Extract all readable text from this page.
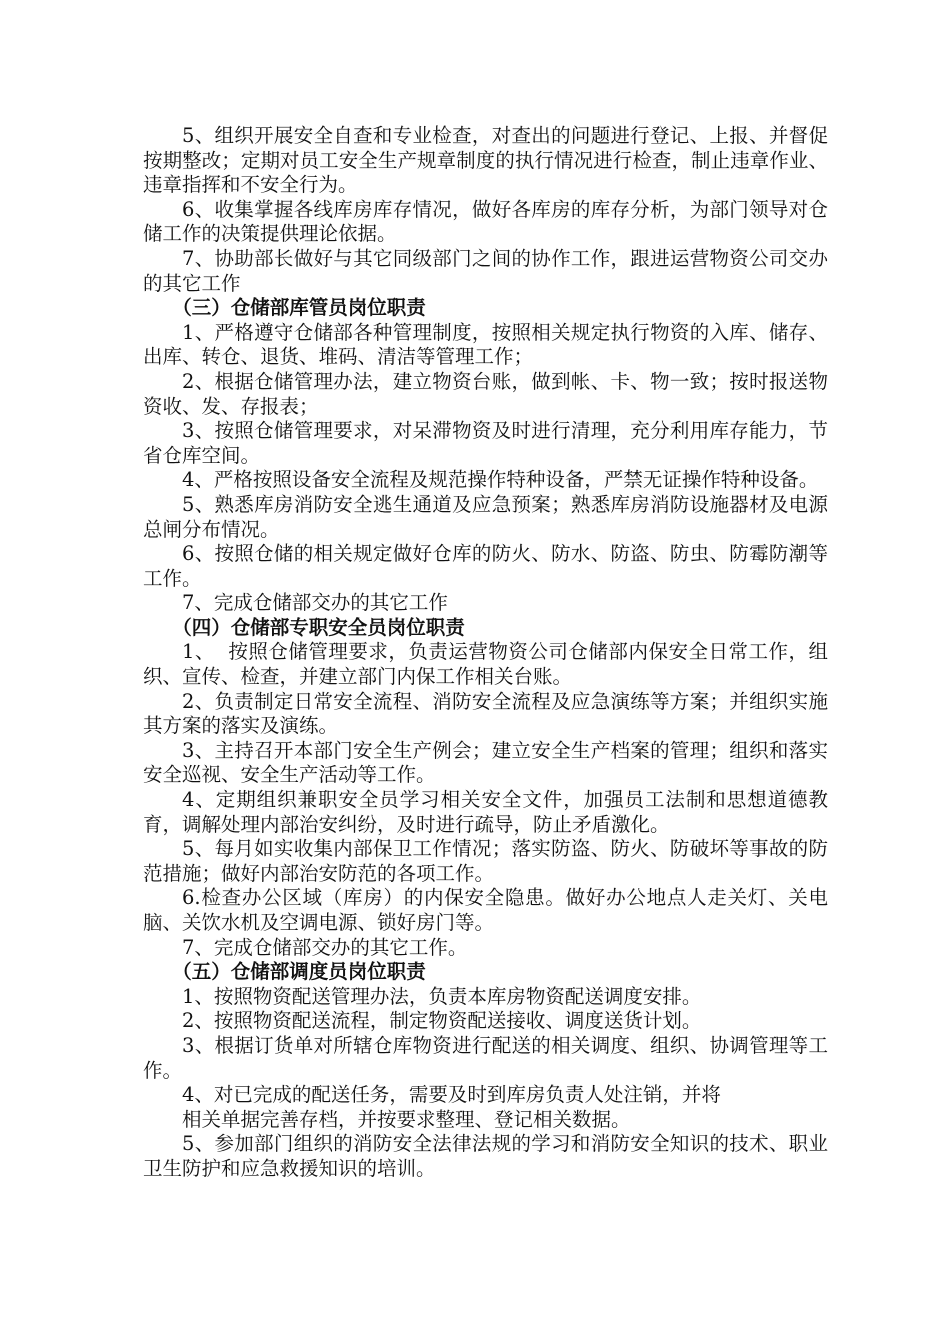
5、组织开展安全自查和专业检查，对查出的问题进行登记、上报、并督促按期整改；定期对员工安全生产规章制度的执行情况进行检查，制止违章作业、违章指挥和不安全行为。

6、收集掌握各线库房库存情况，做好各库房的库存分析，为部门领导对仓储工作的决策提供理论依据。

7、协助部长做好与其它同级部门之间的协作工作，跟进运营物资公司交办的其它工作

（三）仓储部库管员岗位职责

1、严格遵守仓储部各种管理制度，按照相关规定执行物资的入库、储存、出库、转仓、退货、堆码、清洁等管理工作；

2、根据仓储管理办法，建立物资台账，做到帐、卡、物一致；按时报送物资收、发、存报表；

3、按照仓储管理要求，对呆滞物资及时进行清理，充分利用库存能力，节省仓库空间。

4、严格按照设备安全流程及规范操作特种设备，严禁无证操作特种设备。

5、熟悉库房消防安全逃生通道及应急预案；熟悉库房消防设施器材及电源总闸分布情况。

6、按照仓储的相关规定做好仓库的防火、防水、防盗、防虫、防霉防潮等工作。

7、完成仓储部交办的其它工作

（四）仓储部专职安全员岗位职责

1、  按照仓储管理要求，负责运营物资公司仓储部内保安全日常工作，组织、宣传、检查，并建立部门内保工作相关台账。

2、负责制定日常安全流程、消防安全流程及应急演练等方案；并组织实施其方案的落实及演练。

3、主持召开本部门安全生产例会；建立安全生产档案的管理；组织和落实安全巡视、安全生产活动等工作。

4、定期组织兼职安全员学习相关安全文件，加强员工法制和思想道德教育，调解处理内部治安纠纷，及时进行疏导，防止矛盾激化。

5、每月如实收集内部保卫工作情况；落实防盗、防火、防破坏等事故的防范措施；做好内部治安防范的各项工作。

6.检查办公区域（库房）的内保安全隐患。做好办公地点人走关灯、关电脑、关饮水机及空调电源、锁好房门等。

7、完成仓储部交办的其它工作。

（五）仓储部调度员岗位职责

1、按照物资配送管理办法，负责本库房物资配送调度安排。

2、按照物资配送流程，制定物资配送接收、调度送货计划。

3、根据订货单对所辖仓库物资进行配送的相关调度、组织、协调管理等工作。

4、对已完成的配送任务，需要及时到库房负责人处注销，并将

相关单据完善存档，并按要求整理、登记相关数据。

5、参加部门组织的消防安全法律法规的学习和消防安全知识的技术、职业卫生防护和应急救援知识的培训。
